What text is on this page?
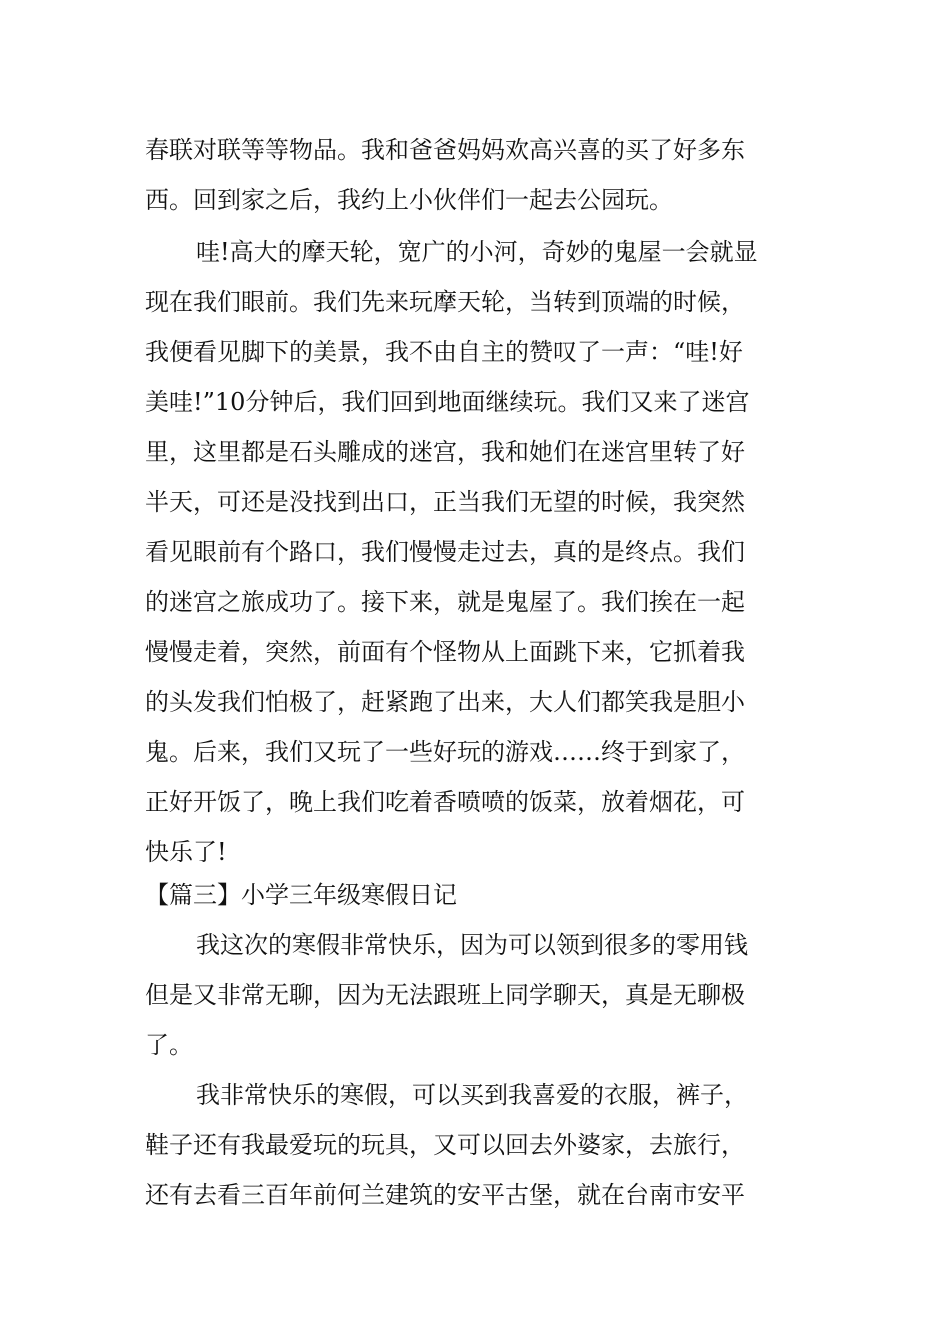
春联对联等等物品。我和爸爸妈妈欢高兴喜的买了好多东
西。回到家之后，我约上小伙伴们一起去公园玩。
哇!高大的摩天轮，宽广的小河，奇妙的鬼屋一会就显
现在我们眼前。我们先来玩摩天轮，当转到顶端的时候，
我便看见脚下的美景，我不由自主的赞叹了一声：“哇!好
美哇!”10分钟后，我们回到地面继续玩。我们又来了迷宫
里，这里都是石头雕成的迷宫，我和她们在迷宫里转了好
半天，可还是没找到出口，正当我们无望的时候，我突然
看见眼前有个路口，我们慢慢走过去，真的是终点。我们
的迷宫之旅成功了。接下来，就是鬼屋了。我们挨在一起
慢慢走着，突然，前面有个怪物从上面跳下来，它抓着我
的头发我们怕极了，赶紧跑了出来，大人们都笑我是胆小
鬼。后来，我们又玩了一些好玩的游戏……终于到家了，
正好开饭了，晚上我们吃着香喷喷的饭菜，放着烟花，可
快乐了!
【篇三】小学三年级寒假日记
我这次的寒假非常快乐，因为可以领到很多的零用钱
但是又非常无聊，因为无法跟班上同学聊天，真是无聊极
了。
我非常快乐的寒假，可以买到我喜爱的衣服，裤子，
鞋子还有我最爱玩的玩具，又可以回去外婆家，去旅行，
还有去看三百年前何兰建筑的安平古堡，就在台南市安平
